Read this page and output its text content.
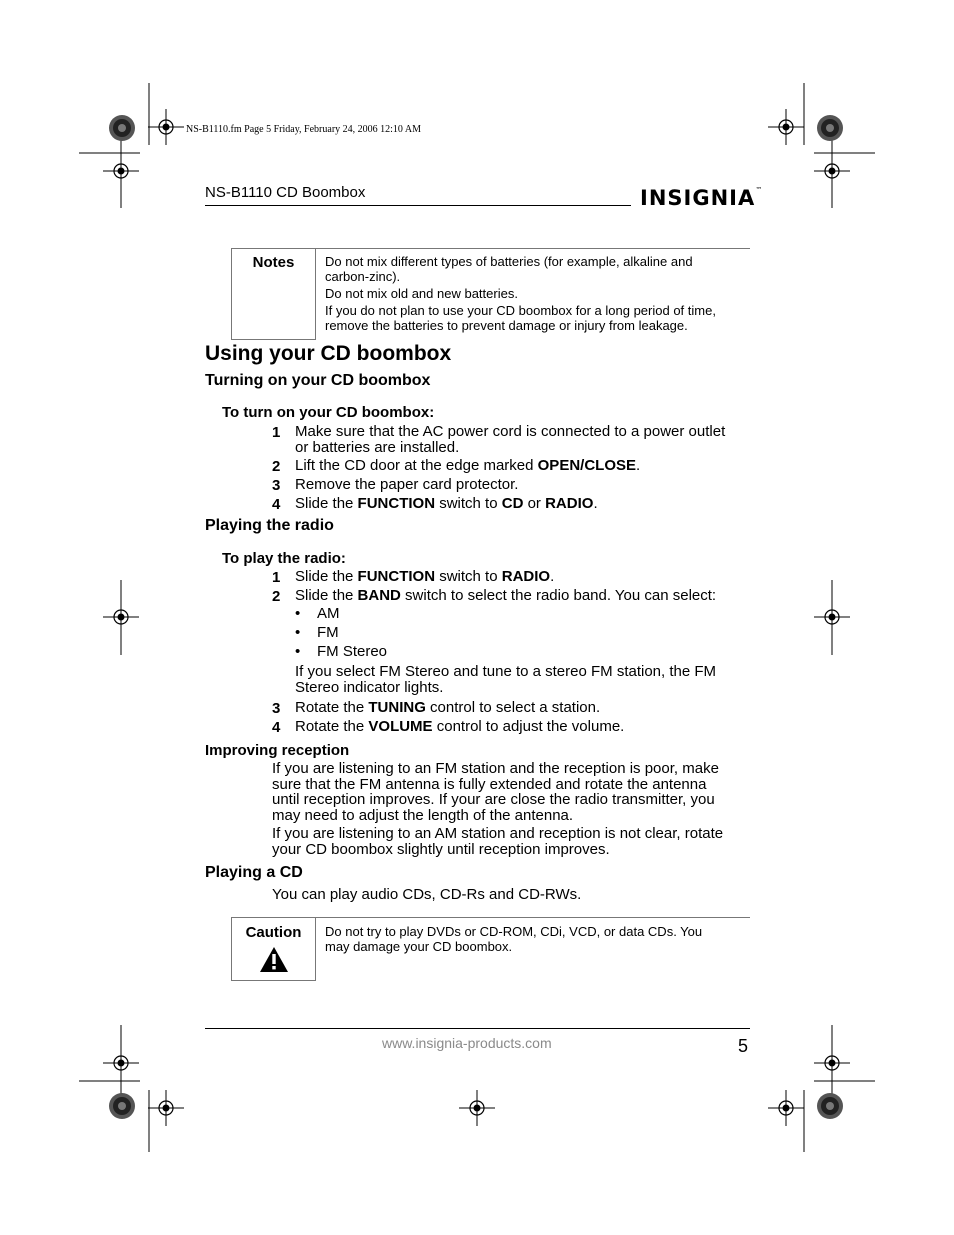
NS-B1110.fm Page 5 Friday, February 24, 2006 12:10 AM
NS-B1110 CD Boombox	INSIGNIA™
Notes	Do not mix different types of batteries (for example, alkaline and carbon-zinc).
Do not mix old and new batteries.
If you do not plan to use your CD boombox for a long period of time, remove the batteries to prevent damage or injury from leakage.
Using your CD boombox
Turning on your CD boombox
To turn on your CD boombox:
1 Make sure that the AC power cord is connected to a power outlet
or batteries are installed.
2 Lift the CD door at the edge marked OPEN/CLOSE.
3 Remove the paper card protector.
4 Slide the FUNCTION switch to CD or RADIO.
Playing the radio
To play the radio:
1 Slide the FUNCTION switch to RADIO.
2 Slide the BAND switch to select the radio band. You can select:
• AM
• FM
• FM Stereo
If you select FM Stereo and tune to a stereo FM station, the FM
Stereo indicator lights.
3 Rotate the TUNING control to select a station.
4 Rotate the VOLUME control to adjust the volume.
Improving reception
If you are listening to an FM station and the reception is poor, make
sure that the FM antenna is fully extended and rotate the antenna
until reception improves. If your are close the radio transmitter, you
may need to adjust the length of the antenna.
If you are listening to an AM station and reception is not clear, rotate
your CD boombox slightly until reception improves.
Playing a CD
You can play audio CDs, CD-Rs and CD-RWs.
Caution	Do not try to play DVDs or CD-ROM, CDi, VCD, or data CDs. You
may damage your CD boombox.
www.insignia-products.com	5
